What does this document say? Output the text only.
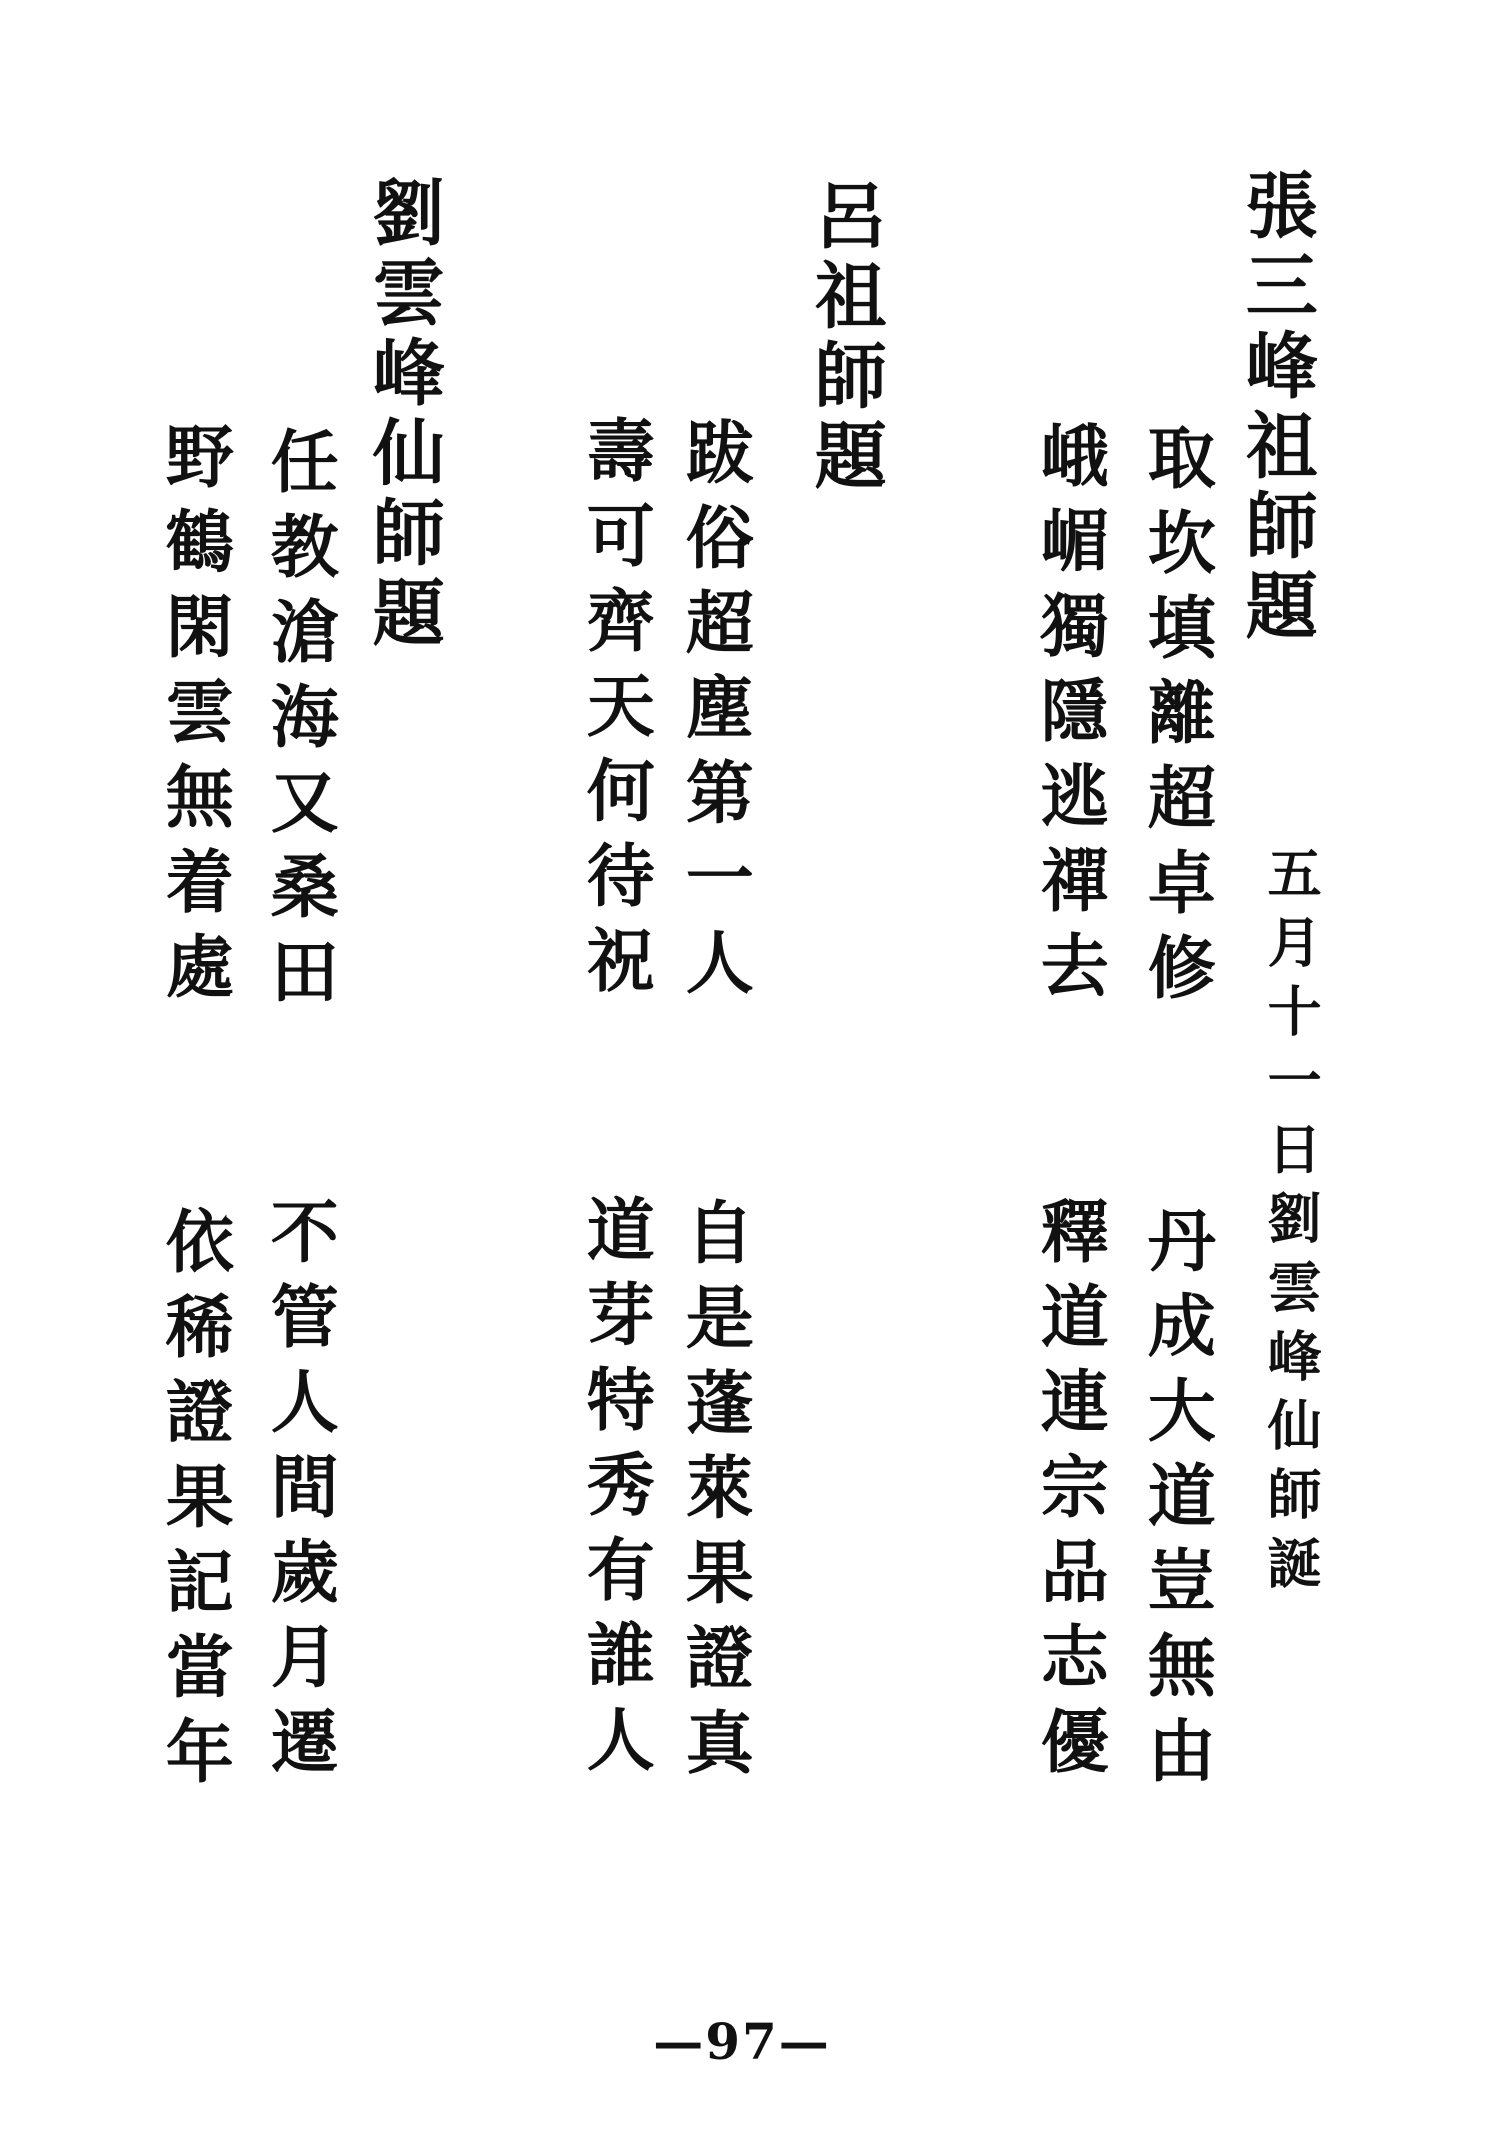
張三峰祖師題
取坎填離超卓修
峨嵋獨隱逃禪去
五月十一日劉雲峰仙師誕
丹成大道豈無由
釋道連宗品志優
呂祖師題
跋俗超塵第一人
壽可齊天何待祝
自是蓬萊果證真
道芽特秀有誰人
劉雲峰仙師題
任教滄海又桑田
野鶴閑雲無着處
不管人間歲月遷
依稀證果記當年
—97—
